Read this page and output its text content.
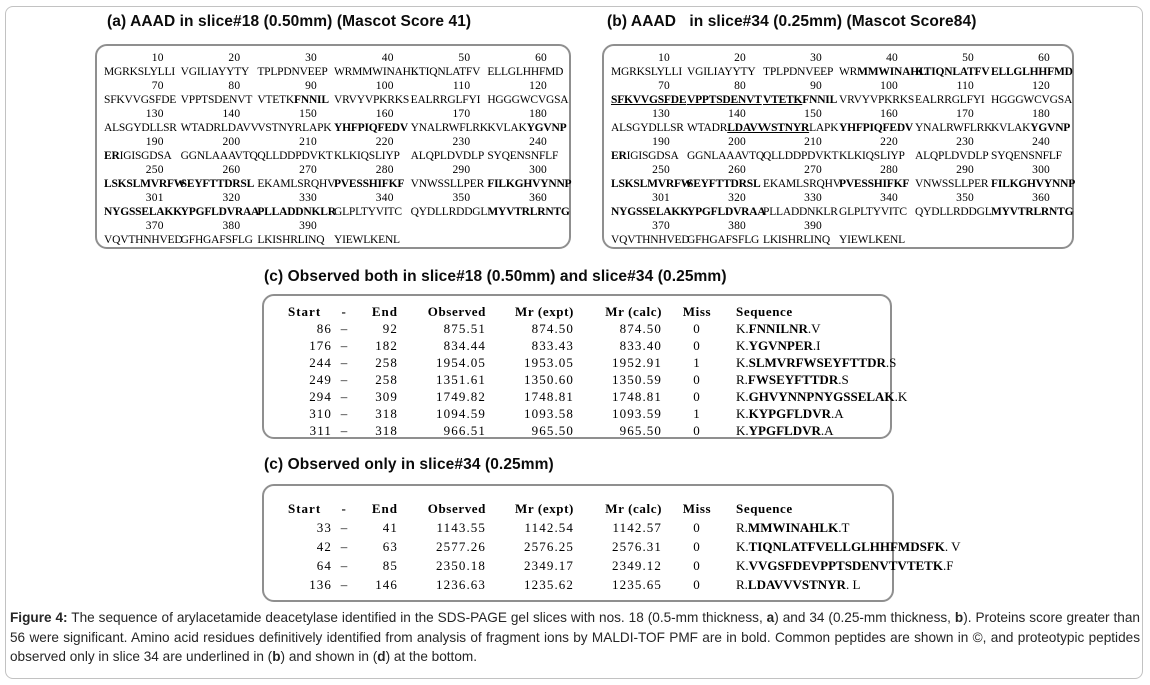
(a) AAAD in slice#18 (0.50mm) (Mascot Score 41)
10
MGRKSLYLLI
20
VGILIAYYTY
30
TPLPDNVEEP
40
WRMMWINAHL
50
KTIQNLATFV
60
ELLGLHHFMD
70
SFKVVGSFDE
80
VPPTSDENVT
90
VTETKFNNIL
100
VRVYVPKRKS
110
EALRRGLFYI
120
HGGGWCVGSA
130
ALSGYDLLSR
140
WTADRLDAVV
150
VSTNYRLAPK
160
YHFPIQFEDV
170
YNALRWFLRK
180
KVLAKYGVNP
190
ERIGISGDSA
200
GGNLAAAVTQ
210
QLLDDPDVKT
220
KLKIQSLIYP
230
ALQPLDVDLP
240
SYQENSNFLF
250
LSKSLMVRFW
260
SEYFTTDRSL
270
EKAMLSRQHV
280
PVESSHIFKF
290
VNWSSLLPER
300
FILKGHVYNNP
301
NYGSSELAKK
320
YPGFLDVRAA
330
PLLADDNKLR
340
GLPLTYVITC
350
QYDLLRDDGL
360
MYVTRLRNTG
370
VQVTHNHVED
380
GFHGAFSFLG
390
LKISHRLINQ
YIEWLKENL

(b) AAAD   in slice#34 (0.25mm) (Mascot Score84)
10
MGRKSLYLLI
20
VGILIAYYTY
30
TPLPDNVEEP
40
WRMMWINAHL
50
KTIQNLATFV
60
ELLGLHHFMD
70
SFKVVGSFDE
80
VPPTSDENVT
90
VTETKFNNIL
100
VRVYVPKRKS
110
EALRRGLFYI
120
HGGGWCVGSA
130
ALSGYDLLSR
140
WTADRLDAVV
150
VSTNYRLAPK
160
YHFPIQFEDV
170
YNALRWFLRK
180
KVLAKYGVNP
190
ERIGISGDSA
200
GGNLAAAVTQ
210
QLLDDPDVKT
220
KLKIQSLIYP
230
ALQPLDVDLP
240
SYQENSNFLF
250
LSKSLMVRFW
260
SEYFTTDRSL
270
EKAMLSRQHV
280
PVESSHIFKF
290
VNWSSLLPER
300
FILKGHVYNNP
301
NYGSSELAKK
320
YPGFLDVRAA
330
PLLADDNKLR
340
GLPLTYVITC
350
QYDLLRDDGL
360
MYVTRLRNTG
370
VQVTHNHVED
380
GFHGAFSFLG
390
LKISHRLINQ
YIEWLKENL

(c) Observed both in slice#18 (0.50mm) and slice#34 (0.25mm)
Start	-	End	Observed	Mr (expt)	Mr (calc)	Miss	Sequence
86 –	92	875.51	874.50	874.50	0	K.FNNILNR.V
176 –	182	834.44	833.43	833.40	0	K.YGVNPER.I
244 –	258	1954.05	1953.05	1952.91	1	K.SLMVRFWSEYFTTDR.S
249 –	258	1351.61	1350.60	1350.59	0	R.FWSEYFTTDR.S
294 –	309	1749.82	1748.81	1748.81	0	K.GHVYNNPNYGSSELAK.K
310 –	318	1094.59	1093.58	1093.59	1	K.KYPGFLDVR.A
311 –	318	966.51	965.50	965.50	0	K.YPGFLDVR.A
(c) Observed only in slice#34 (0.25mm)
Start	-	End	Observed	Mr (expt)	Mr (calc)	Miss	Sequence
33 –	41	1143.55	1142.54	1142.57	0	R.MMWINAHLK.T
42 –	63	2577.26	2576.25	2576.31	0	K.TIQNLATFVELLGLHHFMDSFK. V
64 –	85	2350.18	2349.17	2349.12	0	K.VVGSFDEVPPTSDENVTVTETK.F
136 –	146	1236.63	1235.62	1235.65	0	R.LDAVVVSTNYR. L
Figure 4: The sequence of arylacetamide deacetylase identified in the SDS-PAGE gel slices with nos. 18 (0.5-mm thickness, a) and 34 (0.25-mm thickness, b). Proteins score greater than 56 were significant. Amino acid residues definitively identified from analysis of fragment ions by MALDI-TOF PMF are in bold. Common peptides are shown in ©, and proteotypic peptides observed only in slice 34 are underlined in (b) and shown in (d) at the bottom.
